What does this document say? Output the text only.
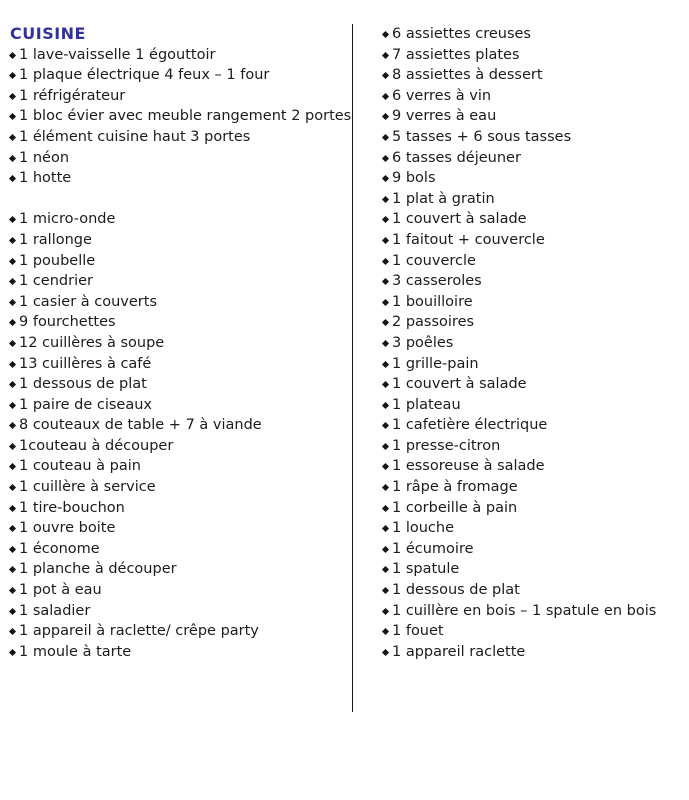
CUISINE
1 lave-vaisselle 1 égouttoir
1 plaque électrique 4 feux – 1 four
1 réfrigérateur
1 bloc évier avec meuble rangement 2 portes
1 élément cuisine haut 3 portes
1 néon
1 hotte
1 micro-onde
1 rallonge
1 poubelle
1 cendrier
1 casier à couverts
9 fourchettes
12 cuillères à soupe
13 cuillères à café
1 dessous de plat
1 paire de ciseaux
8 couteaux de table + 7 à viande
1couteau à découper
1 couteau à pain
1 cuillère à service
1 tire-bouchon
1 ouvre boite
1 économe
1 planche à découper
1 pot à eau
1 saladier
1 appareil à raclette/ crêpe party
1 moule à tarte
6 assiettes creuses
7 assiettes plates
8 assiettes à dessert
6 verres à vin
9 verres à eau
5 tasses + 6 sous tasses
6 tasses déjeuner
9 bols
1 plat à gratin
1 couvert à salade
1 faitout + couvercle
1 couvercle
3 casseroles
1 bouilloire
2 passoires
3 poêles
1 grille-pain
1 couvert à salade
1 plateau
1 cafetière électrique
1 presse-citron
1 essoreuse à salade
1 râpe à fromage
1 corbeille à pain
1 louche
1 écumoire
1 spatule
1 dessous de plat
1 cuillère en bois – 1 spatule en bois
1 fouet
1 appareil raclette
